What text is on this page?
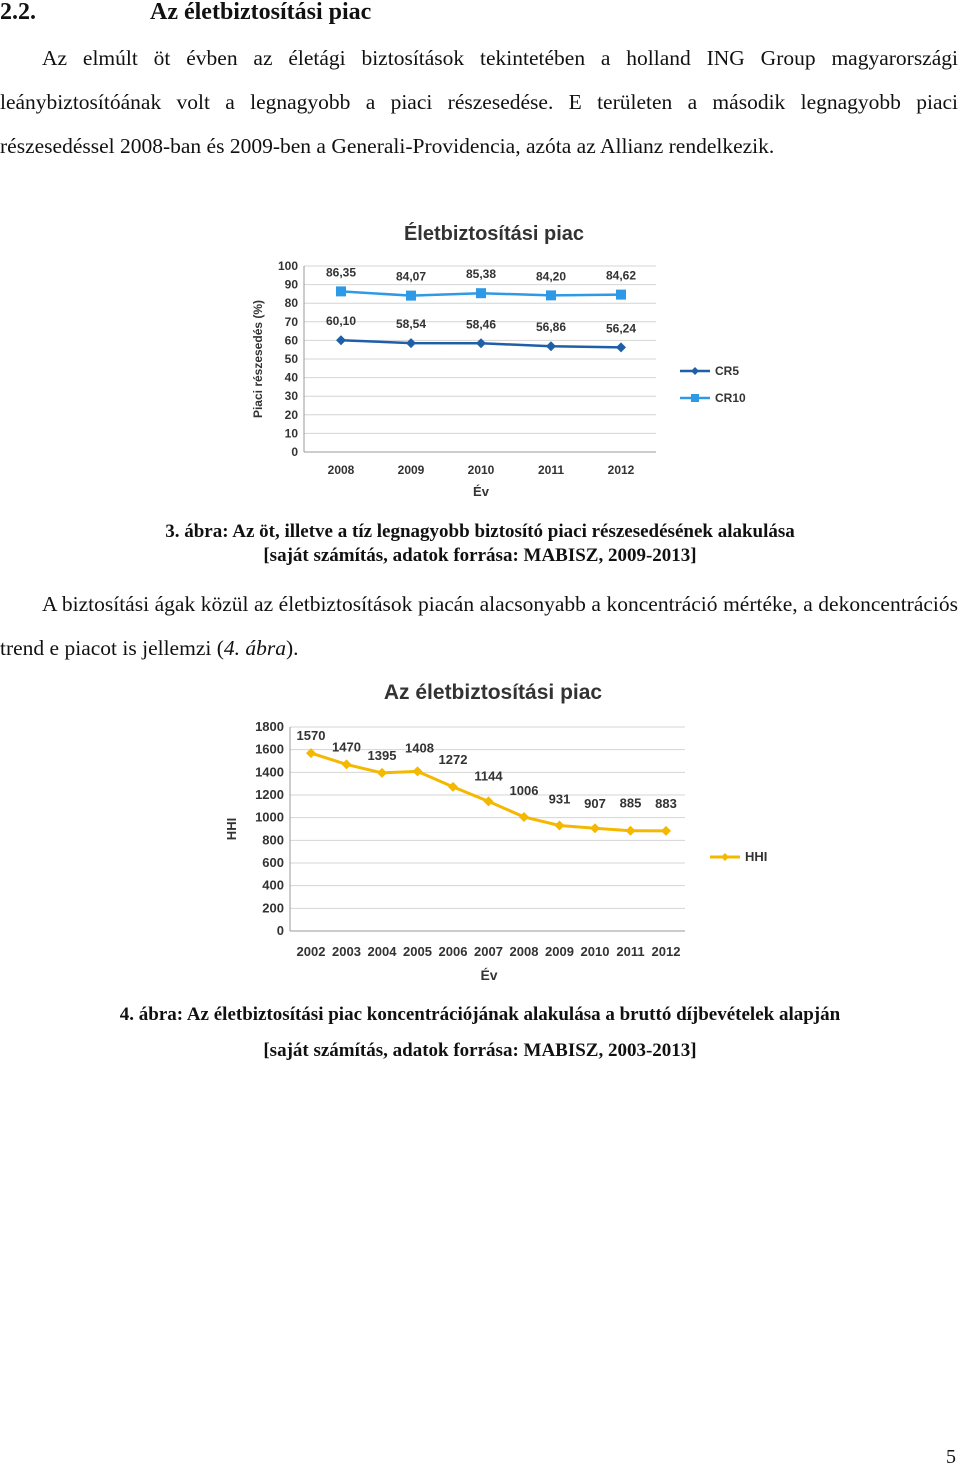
2.2.	Az életbiztosítási piac

Az elmúlt öt évben az életági biztosítások tekintetében a holland ING Group magyarországi leánybiztosítóának volt a legnagyobb a piaci részesedése. E területen a második legnagyobb piaci részesedéssel 2008-ban és 2009-ben a Generali-Providencia, azóta az Allianz rendelkezik.

Életbiztosítási piac
0
10
20
30
40
50
60
70
80
90
100
2008	2009	2010	2011	2012
Év
Piaci részesedés (%)	60,10	58,54	58,46	56,86	56,24
CR5
86,35	84,07	85,38	84,20	84,62
CR10

3. ábra: Az öt, illetve a tíz legnagyobb biztosító piaci részesedésének alakulása

[saját számítás, adatok forrása: MABISZ, 2009-2013]

A biztosítási ágak közül az életbiztosítások piacán alacsonyabb a koncentráció mértéke, a dekoncentrációs trend e piacot is jellemzi (4. ábra).

Az életbiztosítási piac
0
200
400
600
800
1000
1200
1400
1600
1800
2002 2003 2004 2005 2006 2007 2008 2009 2010 2011 2012
Év
HHI
1570
1470
1395 1408
1272
1144
1006
931 907 885 883
HHI

4. ábra: Az életbiztosítási piac koncentrációjának alakulása a bruttó díjbevételek alapján

[saját számítás, adatok forrása: MABISZ, 2003-2013]

5
